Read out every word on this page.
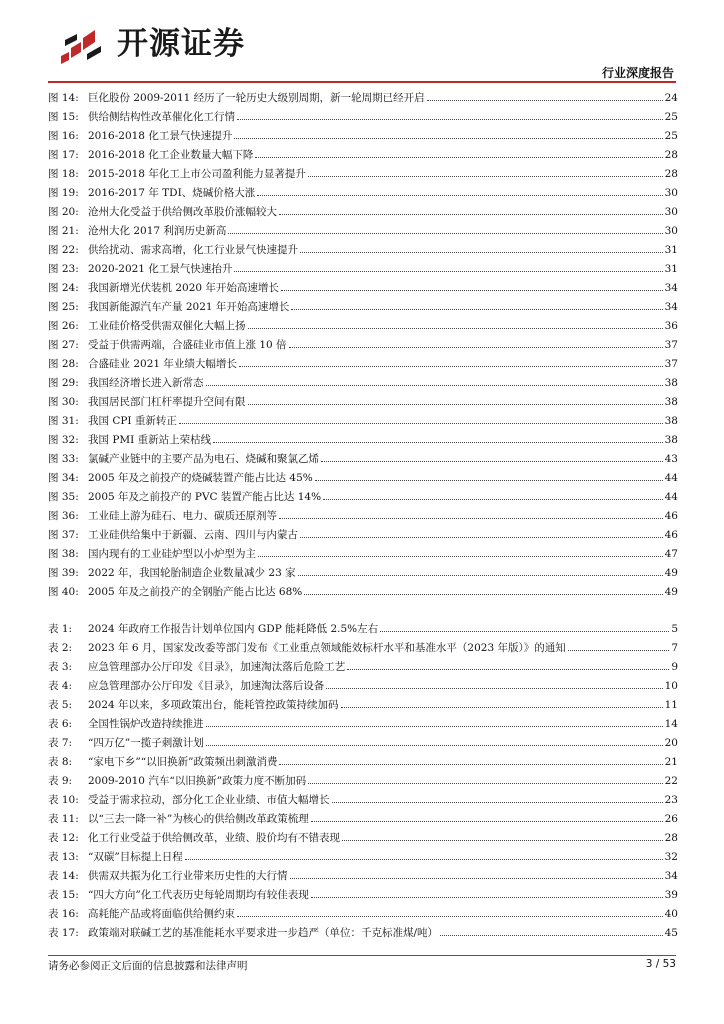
开源证券
行业深度报告
图 14: 巨化股份 2009-2011 经历了一轮历史大级别周期，新一轮周期已经开启	24
图 15: 供给侧结构性改革催化化工行情	25
图 16: 2016-2018 化工景气快速提升	25
图 17: 2016-2018 化工企业数量大幅下降	28
图 18: 2015-2018 年化工上市公司盈利能力显著提升	28
图 19: 2016-2017 年 TDI、烧碱价格大涨	30
图 20: 沧州大化受益于供给侧改革股价涨幅较大	30
图 21: 沧州大化 2017 利润历史新高	30
图 22: 供给扰动、需求高增，化工行业景气快速提升	31
图 23: 2020-2021 化工景气快速抬升	31
图 24: 我国新增光伏装机 2020 年开始高速增长	34
图 25: 我国新能源汽车产量 2021 年开始高速增长	34
图 26: 工业硅价格受供需双催化大幅上扬	36
图 27: 受益于供需两端，合盛硅业市值上涨 10 倍	37
图 28: 合盛硅业 2021 年业绩大幅增长	37
图 29: 我国经济增长进入新常态	38
图 30: 我国居民部门杠杆率提升空间有限	38
图 31: 我国 CPI 重新转正	38
图 32: 我国 PMI 重新站上荣枯线	38
图 33: 氯碱产业链中的主要产品为电石、烧碱和聚氯乙烯	43
图 34: 2005 年及之前投产的烧碱装置产能占比达 45%	44
图 35: 2005 年及之前投产的 PVC 装置产能占比达 14%	44
图 36: 工业硅上游为硅石、电力、碳质还原剂等	46
图 37: 工业硅供给集中于新疆、云南、四川与内蒙古	46
图 38: 国内现有的工业硅炉型以小炉型为主	47
图 39: 2022 年，我国轮胎制造企业数量减少 23 家	49
图 40: 2005 年及之前投产的全钢胎产能占比达 68%	49
表 1:	2024 年政府工作报告计划单位国内 GDP 能耗降低 2.5%左右	5
表 2:	2023 年 6 月，国家发改委等部门发布《工业重点领域能效标杆水平和基准水平（2023 年版）》的通知	7
表 3:	应急管理部办公厅印发《目录》，加速淘汰落后危险工艺	9
表 4:	应急管理部办公厅印发《目录》，加速淘汰落后设备	10
表 5:	2024 年以来，多项政策出台，能耗管控政策持续加码	11
表 6:	全国性锅炉改造持续推进	14
表 7:	“四万亿”一揽子刺激计划	20
表 8:	“家电下乡”“以旧换新”政策频出刺激消费	21
表 9:	2009-2010 汽车“以旧换新”政策力度不断加码	22
表 10: 受益于需求拉动，部分化工企业业绩、市值大幅增长	23
表 11: 以“三去一降一补”为核心的供给侧改革政策梳理	26
表 12: 化工行业受益于供给侧改革，业绩、股价均有不错表现	28
表 13: “双碳”目标提上日程	32
表 14: 供需双共振为化工行业带来历史性的大行情	34
表 15: “四大方向”化工代表历史每轮周期均有较佳表现	39
表 16: 高耗能产品或将面临供给侧约束	40
表 17: 政策端对联碱工艺的基准能耗水平要求进一步趋严（单位：千克标准煤/吨）	45
请务必参阅正文后面的信息披露和法律声明	3 / 53
